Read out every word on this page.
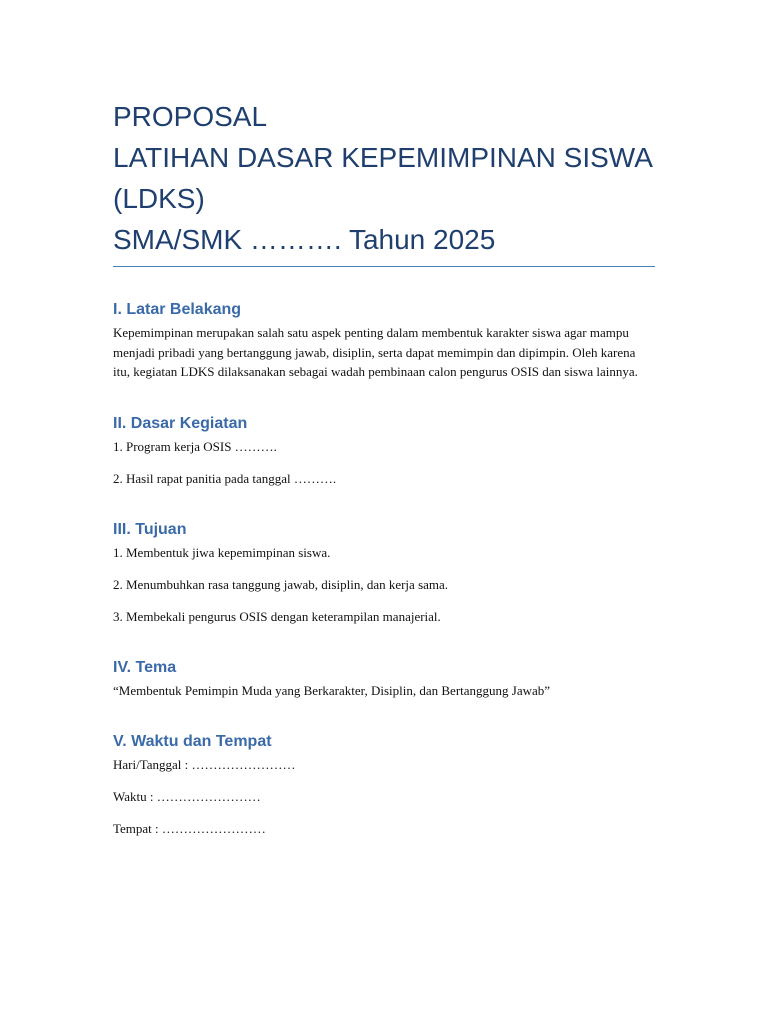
PROPOSAL
LATIHAN DASAR KEPEMIMPINAN SISWA
(LDKS)
SMA/SMK ………. Tahun 2025
I. Latar Belakang

Kepemimpinan merupakan salah satu aspek penting dalam membentuk karakter siswa agar mampu menjadi pribadi yang bertanggung jawab, disiplin, serta dapat memimpin dan dipimpin. Oleh karena itu, kegiatan LDKS dilaksanakan sebagai wadah pembinaan calon pengurus OSIS dan siswa lainnya.

II. Dasar Kegiatan

1. Program kerja OSIS ……….

2. Hasil rapat panitia pada tanggal ……….

III. Tujuan

1. Membentuk jiwa kepemimpinan siswa.

2. Menumbuhkan rasa tanggung jawab, disiplin, dan kerja sama.

3. Membekali pengurus OSIS dengan keterampilan manajerial.

IV. Tema

“Membentuk Pemimpin Muda yang Berkarakter, Disiplin, dan Bertanggung Jawab”

V. Waktu dan Tempat

Hari/Tanggal : ……………………

Waktu : ……………………

Tempat : ……………………
